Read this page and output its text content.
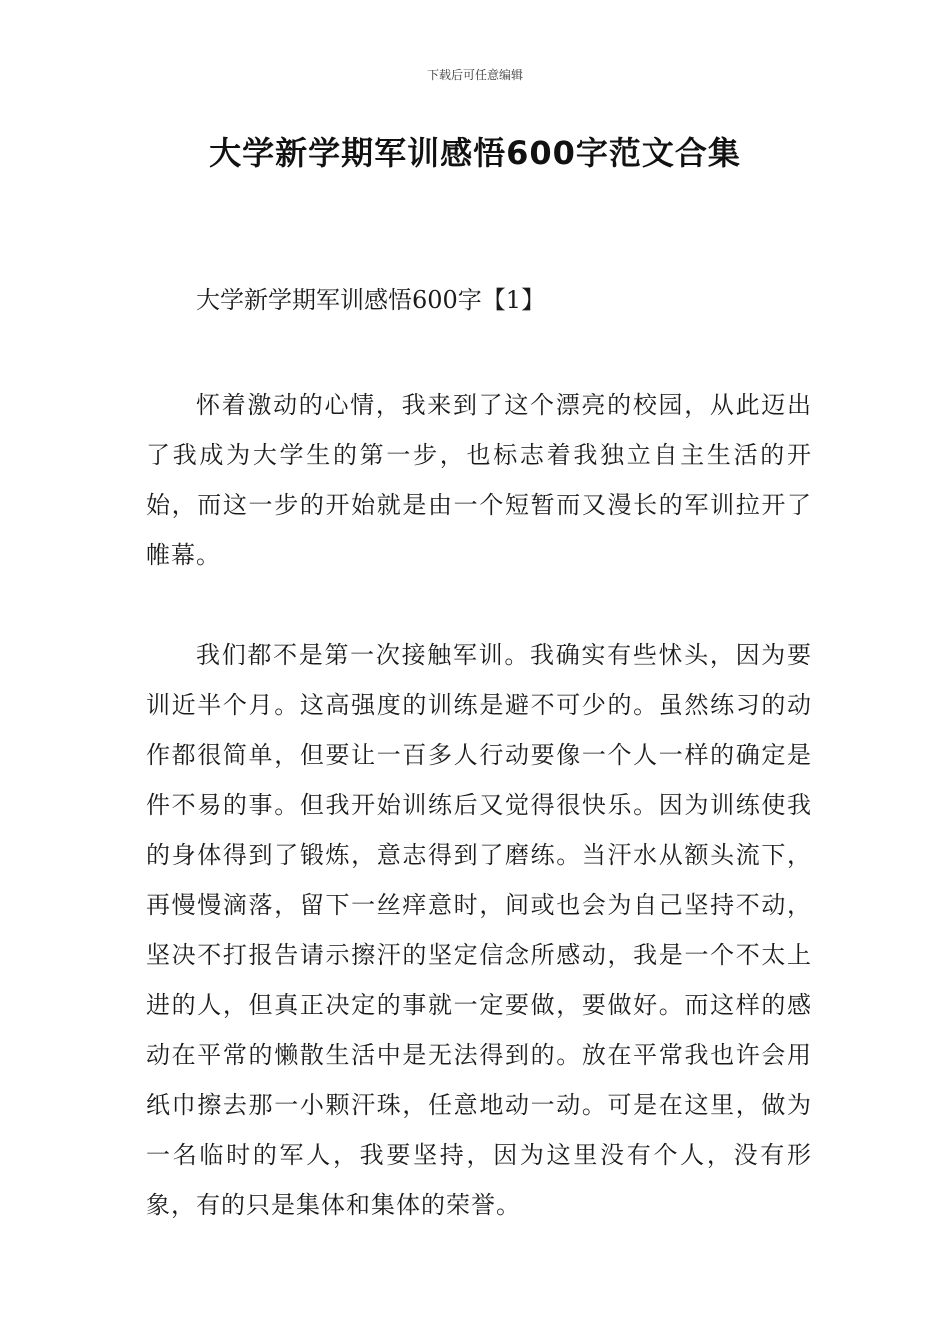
下载后可任意编辑
大学新学期军训感悟600字范文合集

大学新学期军训感悟600字【1】

怀着激动的心情，我来到了这个漂亮的校园，从此迈出了我成为大学生的第一步，也标志着我独立自主生活的开始，而这一步的开始就是由一个短暂而又漫长的军训拉开了帷幕。

我们都不是第一次接触军训。我确实有些怵头，因为要训近半个月。这高强度的训练是避不可少的。虽然练习的动作都很简单，但要让一百多人行动要像一个人一样的确定是件不易的事。但我开始训练后又觉得很快乐。因为训练使我的身体得到了锻炼，意志得到了磨练。当汗水从额头流下，再慢慢滴落，留下一丝痒意时，间或也会为自己坚持不动，坚决不打报告请示擦汗的坚定信念所感动，我是一个不太上进的人，但真正决定的事就一定要做，要做好。而这样的感动在平常的懒散生活中是无法得到的。放在平常我也许会用纸巾擦去那一小颗汗珠，任意地动一动。可是在这里，做为一名临时的军人，我要坚持，因为这里没有个人，没有形象，有的只是集体和集体的荣誉。
